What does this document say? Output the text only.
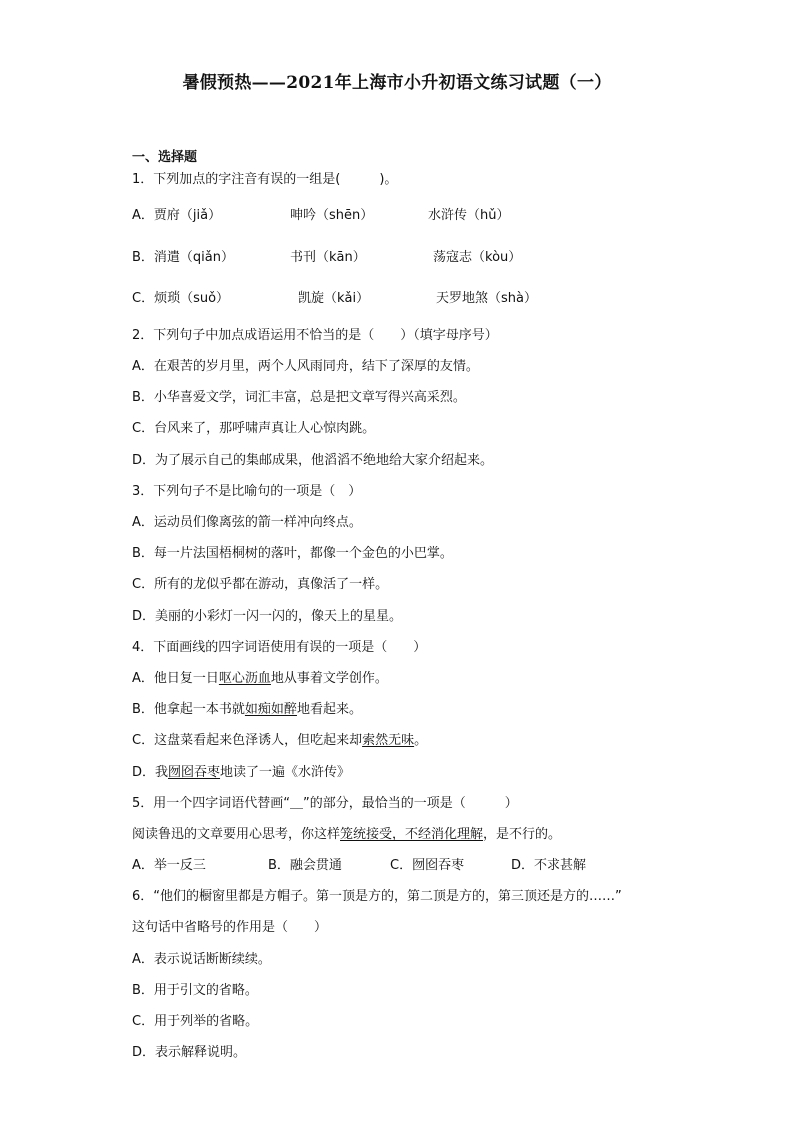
暑假预热——2021年上海市小升初语文练习试题（一）
一、选择题
1．下列加点的字注音有误的一组是(　　　)。
A．贾府（jiǎ）	呻吟（shēn）	水浒传（hǔ）
B．消遣（qiǎn）	书刊（kān）	荡寇志（kòu）
C．烦琐（suǒ）	凯旋（kǎi）	天罗地煞（shà）
2．下列句子中加点成语运用不恰当的是（　　）（填字母序号）
A．在艰苦的岁月里，两个人风雨同舟，结下了深厚的友情。
B．小华喜爱文学，词汇丰富，总是把文章写得兴高采烈。
C．台风来了，那呼啸声真让人心惊肉跳。
D．为了展示自己的集邮成果，他滔滔不绝地给大家介绍起来。
3．下列句子不是比喻句的一项是（　）
A．运动员们像离弦的箭一样冲向终点。
B．每一片法国梧桐树的落叶，都像一个金色的小巴掌。
C．所有的龙似乎都在游动，真像活了一样。
D．美丽的小彩灯一闪一闪的，像天上的星星。
4．下面画线的四字词语使用有误的一项是（　　）
A．他日复一日呕心沥血地从事着文学创作。
B．他拿起一本书就如痴如醉地看起来。
C．这盘菜看起来色泽诱人，但吃起来却索然无味。
D．我囫囵吞枣地读了一遍《水浒传》
5．用一个四字词语代替画“＿”的部分，最恰当的一项是（　　　）
阅读鲁迅的文章要用心思考，你这样笼统接受，不经消化理解，是不行的。
A．举一反三	B．融会贯通	C．囫囵吞枣	D．不求甚解
6．“他们的橱窗里都是方帽子。第一顶是方的，第二顶是方的，第三顶还是方的……”
这句话中省略号的作用是（　　）
A．表示说话断断续续。
B．用于引文的省略。
C．用于列举的省略。
D．表示解释说明。
